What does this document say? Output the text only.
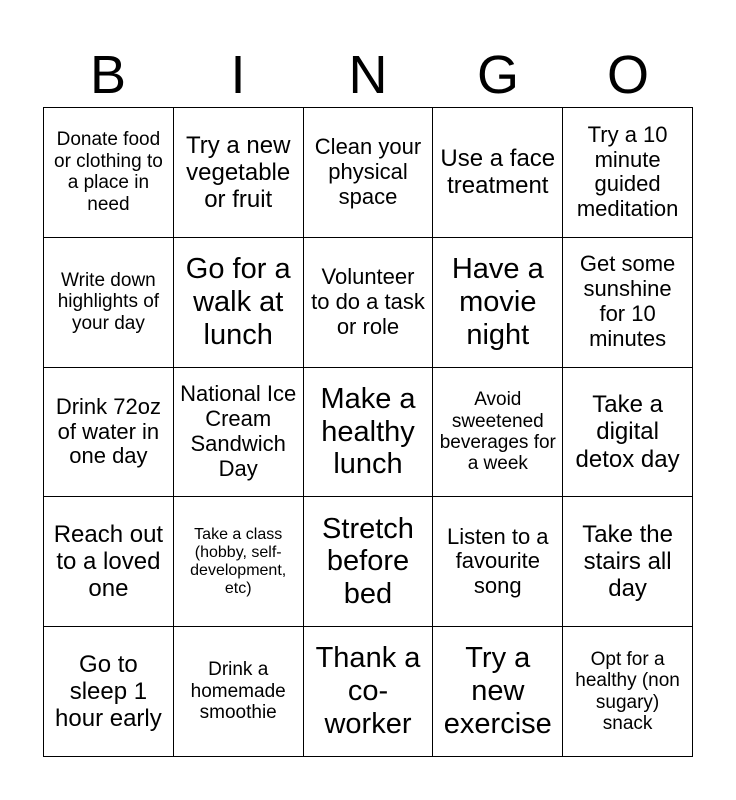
B	I	N	G	O
Donate food or clothing to a place in need
Try a new vegetable or fruit
Clean your physical space
Use a face treatment
Try a 10 minute guided meditation
Write down highlights of your day
Go for a walk at lunch
Volunteer to do a task or role
Have a movie night
Get some sunshine for 10 minutes
Drink 72oz of water in one day
National Ice Cream Sandwich Day
Make a healthy lunch
Avoid sweetened beverages for a week
Take a digital detox day
Reach out to a loved one
Take a class (hobby, self-development, etc)
Stretch before bed
Listen to a favourite song
Take the stairs all day
Go to sleep 1 hour early
Drink a homemade smoothie
Thank a co-worker
Try a new exercise
Opt for a healthy (non sugary) snack
